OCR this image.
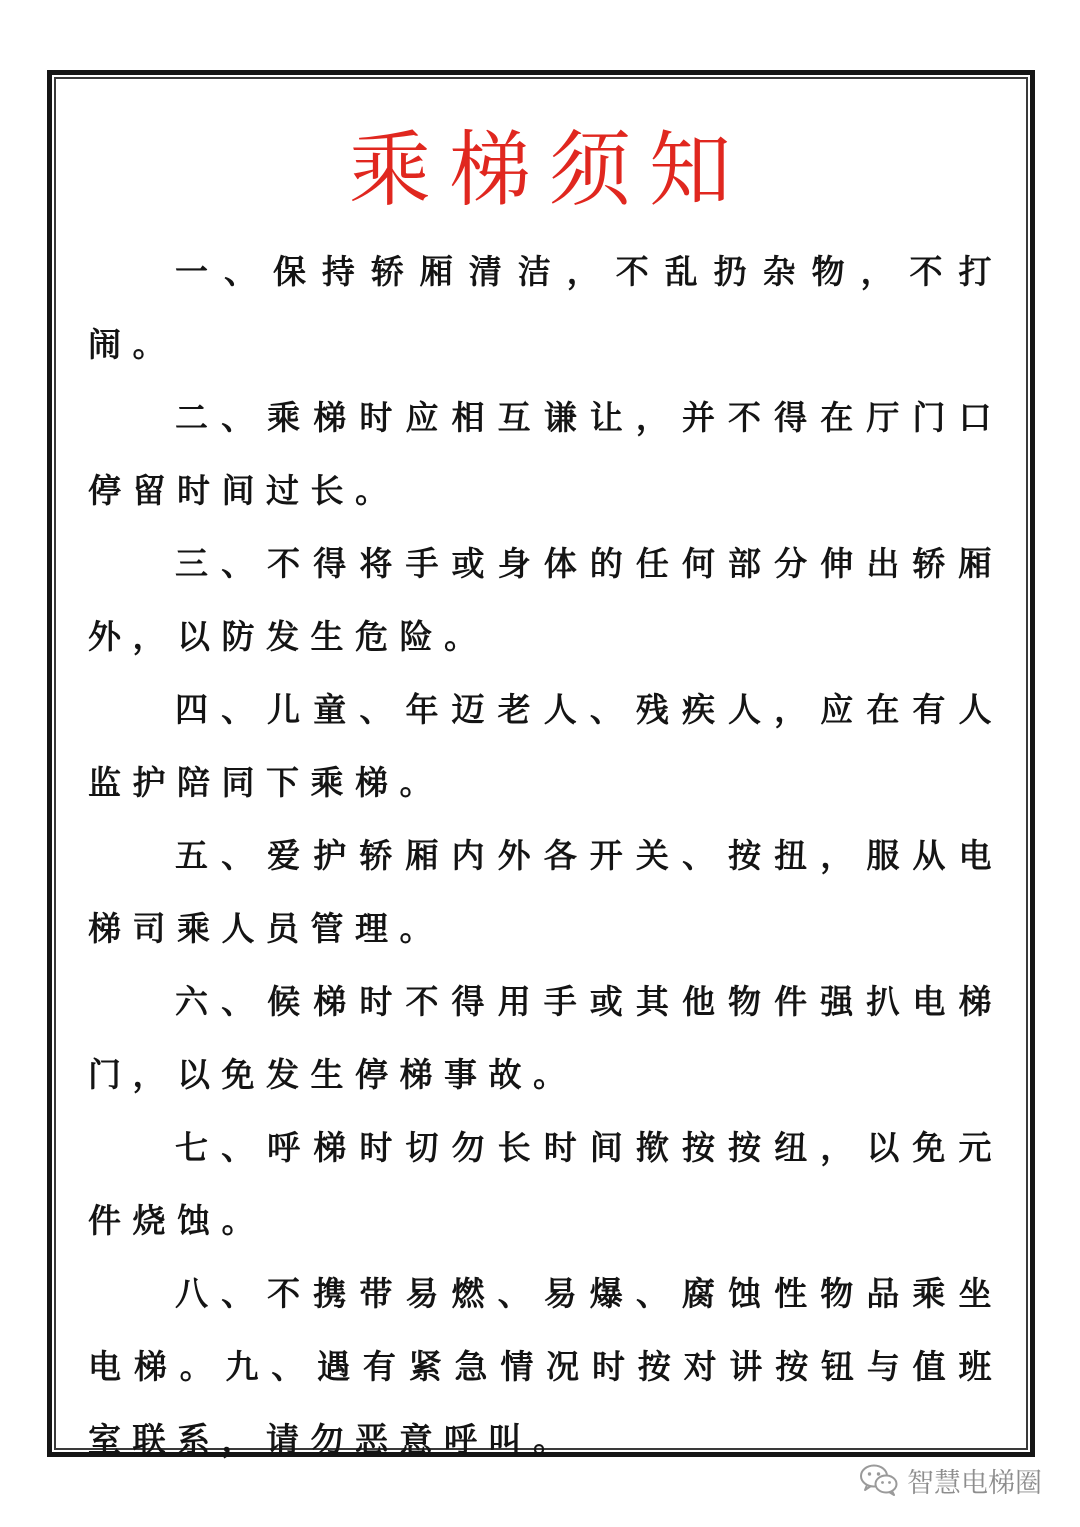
乘梯须知

一、保持轿厢清洁，不乱扔杂物，不打闹。

二、乘梯时应相互谦让，并不得在厅门口停留时间过长。

三、不得将手或身体的任何部分伸出轿厢外，以防发生危险。

四、儿童、年迈老人、残疾人，应在有人监护陪同下乘梯。

五、爱护轿厢内外各开关、按扭，服从电梯司乘人员管理。

六、候梯时不得用手或其他物件强扒电梯门，以免发生停梯事故。

七、呼梯时切勿长时间揿按按纽，以免元件烧蚀。

八、不携带易燃、易爆、腐蚀性物品乘坐电梯。九、遇有紧急情况时按对讲按钮与值班室联系，请勿恶意呼叫。

智慧电梯圈
